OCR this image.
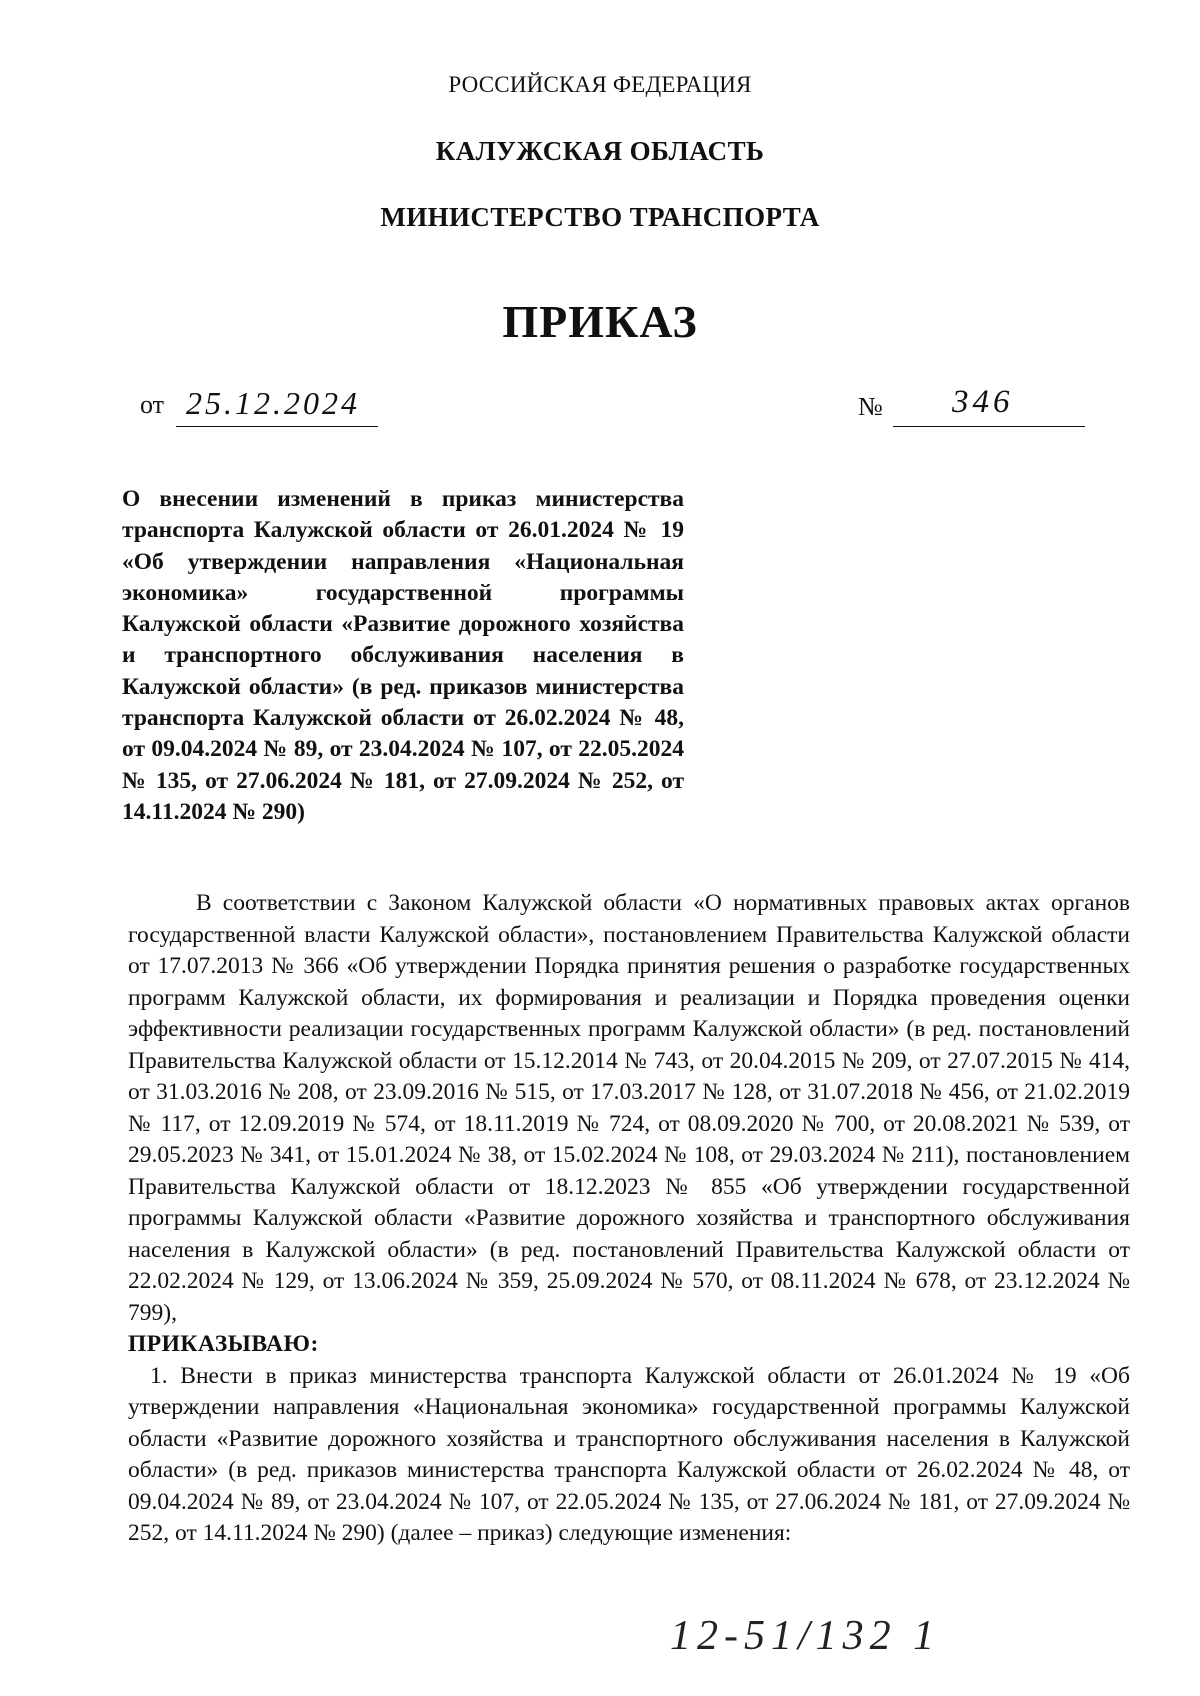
РОССИЙСКАЯ ФЕДЕРАЦИЯ
КАЛУЖСКАЯ ОБЛАСТЬ
МИНИСТЕРСТВО ТРАНСПОРТА
ПРИКАЗ
от 25.12.2024	№ 346
О внесении изменений в приказ министерства транспорта Калужской области от 26.01.2024 № 19 «Об утверждении направления «Национальная экономика» государственной программы Калужской области «Развитие дорожного хозяйства и транспортного обслуживания населения в Калужской области» (в ред. приказов министерства транспорта Калужской области от 26.02.2024 № 48, от 09.04.2024 № 89, от 23.04.2024 № 107, от 22.05.2024 № 135, от 27.06.2024 № 181, от 27.09.2024 № 252, от 14.11.2024 № 290)

В соответствии с Законом Калужской области «О нормативных правовых актах органов государственной власти Калужской области», постановлением Правительства Калужской области от 17.07.2013 № 366 «Об утверждении Порядка принятия решения о разработке государственных программ Калужской области, их формирования и реализации и Порядка проведения оценки эффективности реализации государственных программ Калужской области» (в ред. постановлений Правительства Калужской области от 15.12.2014 № 743, от 20.04.2015 № 209, от 27.07.2015 № 414, от 31.03.2016 № 208, от 23.09.2016 № 515, от 17.03.2017 № 128, от 31.07.2018 № 456, от 21.02.2019 № 117, от 12.09.2019 № 574, от 18.11.2019 № 724, от 08.09.2020 № 700, от 20.08.2021 № 539, от 29.05.2023 № 341, от 15.01.2024 № 38, от 15.02.2024 № 108, от 29.03.2024 № 211), постановлением Правительства Калужской области от 18.12.2023 № 855 «Об утверждении государственной программы Калужской области «Развитие дорожного хозяйства и транспортного обслуживания населения в Калужской области» (в ред. постановлений Правительства Калужской области от 22.02.2024 № 129, от 13.06.2024 № 359, 25.09.2024 № 570, от 08.11.2024 № 678, от 23.12.2024 № 799),

ПРИКАЗЫВАЮ:

1. Внести в приказ министерства транспорта Калужской области от 26.01.2024 № 19 «Об утверждении направления «Национальная экономика» государственной программы Калужской области «Развитие дорожного хозяйства и транспортного обслуживания населения в Калужской области» (в ред. приказов министерства транспорта Калужской области от 26.02.2024 № 48, от 09.04.2024 № 89, от 23.04.2024 № 107, от 22.05.2024 № 135, от 27.06.2024 № 181, от 27.09.2024 № 252, от 14.11.2024 № 290) (далее – приказ) следующие изменения:

12-51/132 1
